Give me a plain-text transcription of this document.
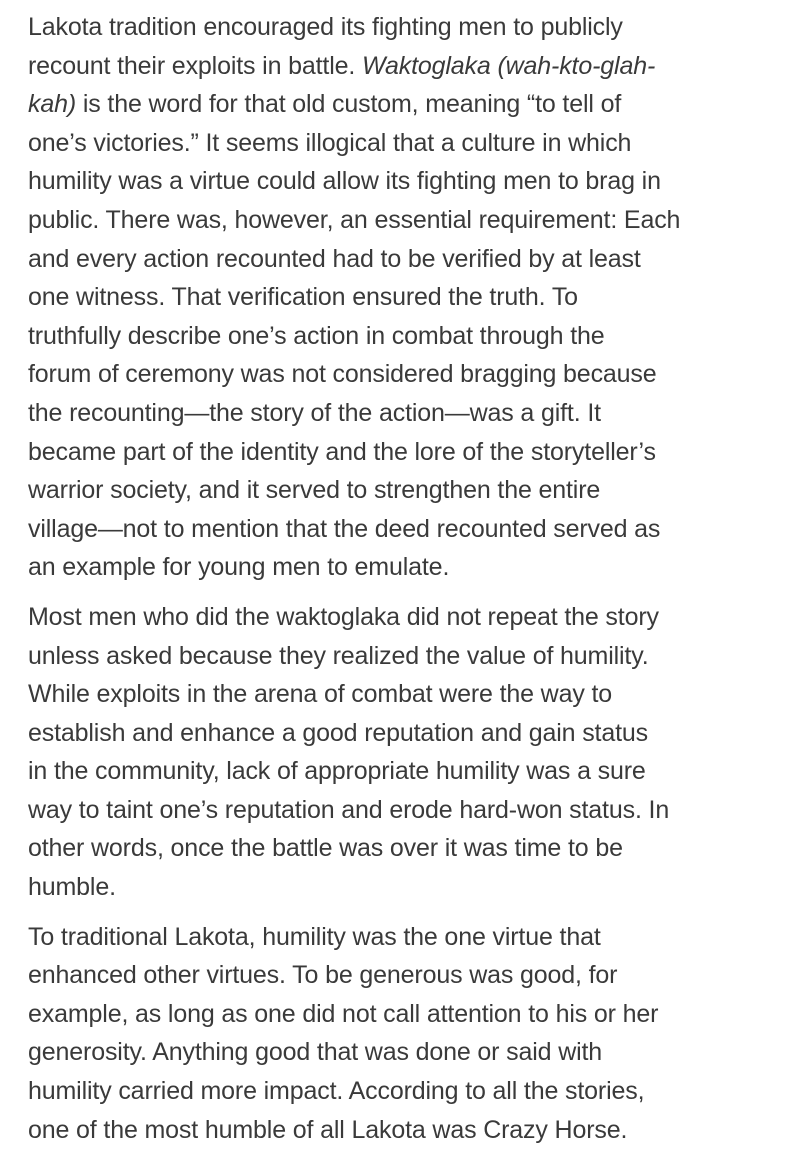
Lakota tradition encouraged its fighting men to publicly
recount their exploits in battle. Waktoglaka (wah-kto-glah-
kah) is the word for that old custom, meaning “to tell of
one’s victories.” It seems illogical that a culture in which
humility was a virtue could allow its fighting men to brag in
public. There was, however, an essential requirement: Each
and every action recounted had to be verified by at least
one witness. That verification ensured the truth. To
truthfully describe one’s action in combat through the
forum of ceremony was not considered bragging because
the recounting—the story of the action—was a gift. It
became part of the identity and the lore of the storyteller’s
warrior society, and it served to strengthen the entire
village—not to mention that the deed recounted served as
an example for young men to emulate.

Most men who did the waktoglaka did not repeat the story
unless asked because they realized the value of humility.
While exploits in the arena of combat were the way to
establish and enhance a good reputation and gain status
in the community, lack of appropriate humility was a sure
way to taint one’s reputation and erode hard-won status. In
other words, once the battle was over it was time to be
humble.

To traditional Lakota, humility was the one virtue that
enhanced other virtues. To be generous was good, for
example, as long as one did not call attention to his or her
generosity. Anything good that was done or said with
humility carried more impact. According to all the stories,
one of the most humble of all Lakota was Crazy Horse.
